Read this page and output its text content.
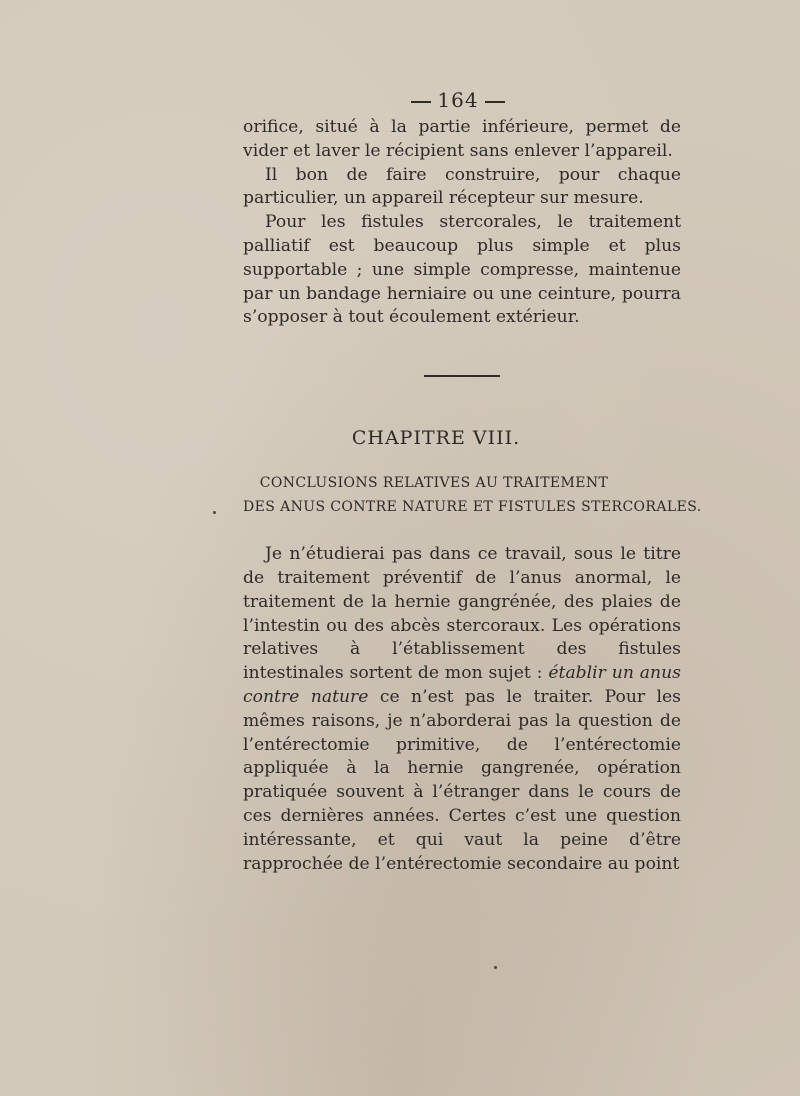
164

orifice, situé à la partie inférieure, permet de vider et laver le récipient sans enlever l’appareil.

Il bon de faire construire, pour chaque particulier, un appareil récepteur sur mesure.

Pour les fistules stercorales, le traitement palliatif est beaucoup plus simple et plus supportable ; une simple compresse, maintenue par un bandage herniaire ou une ceinture, pourra s’opposer à tout écoulement extérieur.

CHAPITRE VIII.
CONCLUSIONS RELATIVES AU TRAITEMENT
DES ANUS CONTRE NATURE ET FISTULES STERCORALES.

Je n’étudierai pas dans ce travail, sous le titre de traitement préventif de l’anus anormal, le traitement de la hernie gangrénée, des plaies de l’intestin ou des abcès stercoraux. Les opérations relatives à l’établissement des fistules intestinales sortent de mon sujet : établir un anus contre nature ce n’est pas le traiter. Pour les mêmes raisons, je n’aborderai pas la question de l’entérectomie primitive, de l’entérectomie appliquée à la hernie gangrenée, opération pratiquée souvent à l’étranger dans le cours de ces dernières années. Certes c’est une question intéressante, et qui vaut la peine d’être rapprochée de l’entérectomie secondaire au point
